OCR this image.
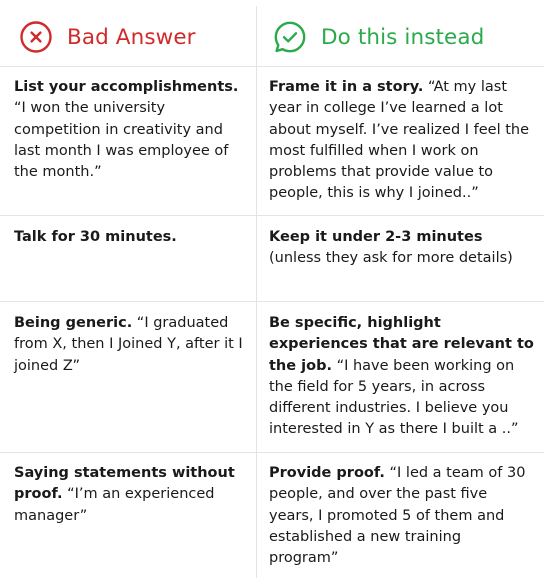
Bad Answer	Do this instead
List your accomplishments. “I won the university competition in creativity and last month I was employee of the month.”
Frame it in a story. “At my last year in college I’ve learned a lot about myself. I’ve realized I feel the most fulfilled when I work on problems that provide value to people, this is why I joined..”
Talk for 30 minutes.	Keep it under 2-3 minutes (unless they ask for more details)
Being generic. “I graduated from X, then I Joined Y, after it I joined Z”
Be specific, highlight experiences that are relevant to the job. “I have been working on the field for 5 years, in across different industries. I believe you interested in Y as there I built a ..”
Saying statements without proof. “I’m an experienced manager”
Provide proof. “I led a team of 30 people, and over the past five years, I promoted 5 of them and established a new training program”
